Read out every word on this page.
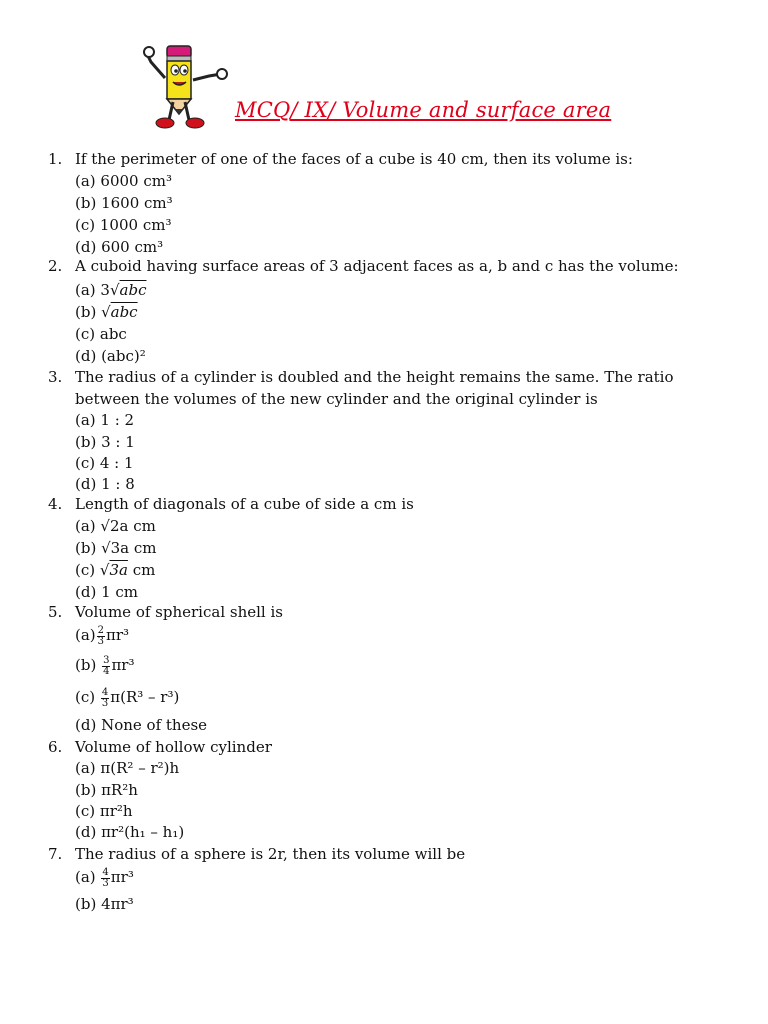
MCQ/ IX/ Volume and surface area
1. If the perimeter of one of the faces of a cube is 40 cm, then its volume is:
(a) 6000 cm³
(b) 1600 cm³
(c) 1000 cm³
(d) 600 cm³
2. A cuboid having surface areas of 3 adjacent faces as a, b and c has the volume:
(a) 3√abc
(b) √abc
(c) abc
(d) (abc)²
3. The radius of a cylinder is doubled and the height remains the same. The ratio
between the volumes of the new cylinder and the original cylinder is
(a) 1 : 2
(b) 3 : 1
(c) 4 : 1
(d) 1 : 8
4. Length of diagonals of a cube of side a cm is
(a) √2a cm
(b) √3a cm
(c) √3a cm
(d) 1 cm
5. Volume of spherical shell is
$(a) \frac{2}{3} \pi r^3$
$(b) \frac{3}{4} \pi r^3$
$(c) \frac{4}{3} \pi(R^3 - r^3)$
(d) None of these
6. Volume of hollow cylinder
(a) π(R² – r²)h
(b) πR²h
(c) πr²h
(d) πr²(h₁ – h₁)
7. The radius of a sphere is 2r, then its volume will be
$(a) \frac{4}{3} \pi r^3$
(b) 4πr³
